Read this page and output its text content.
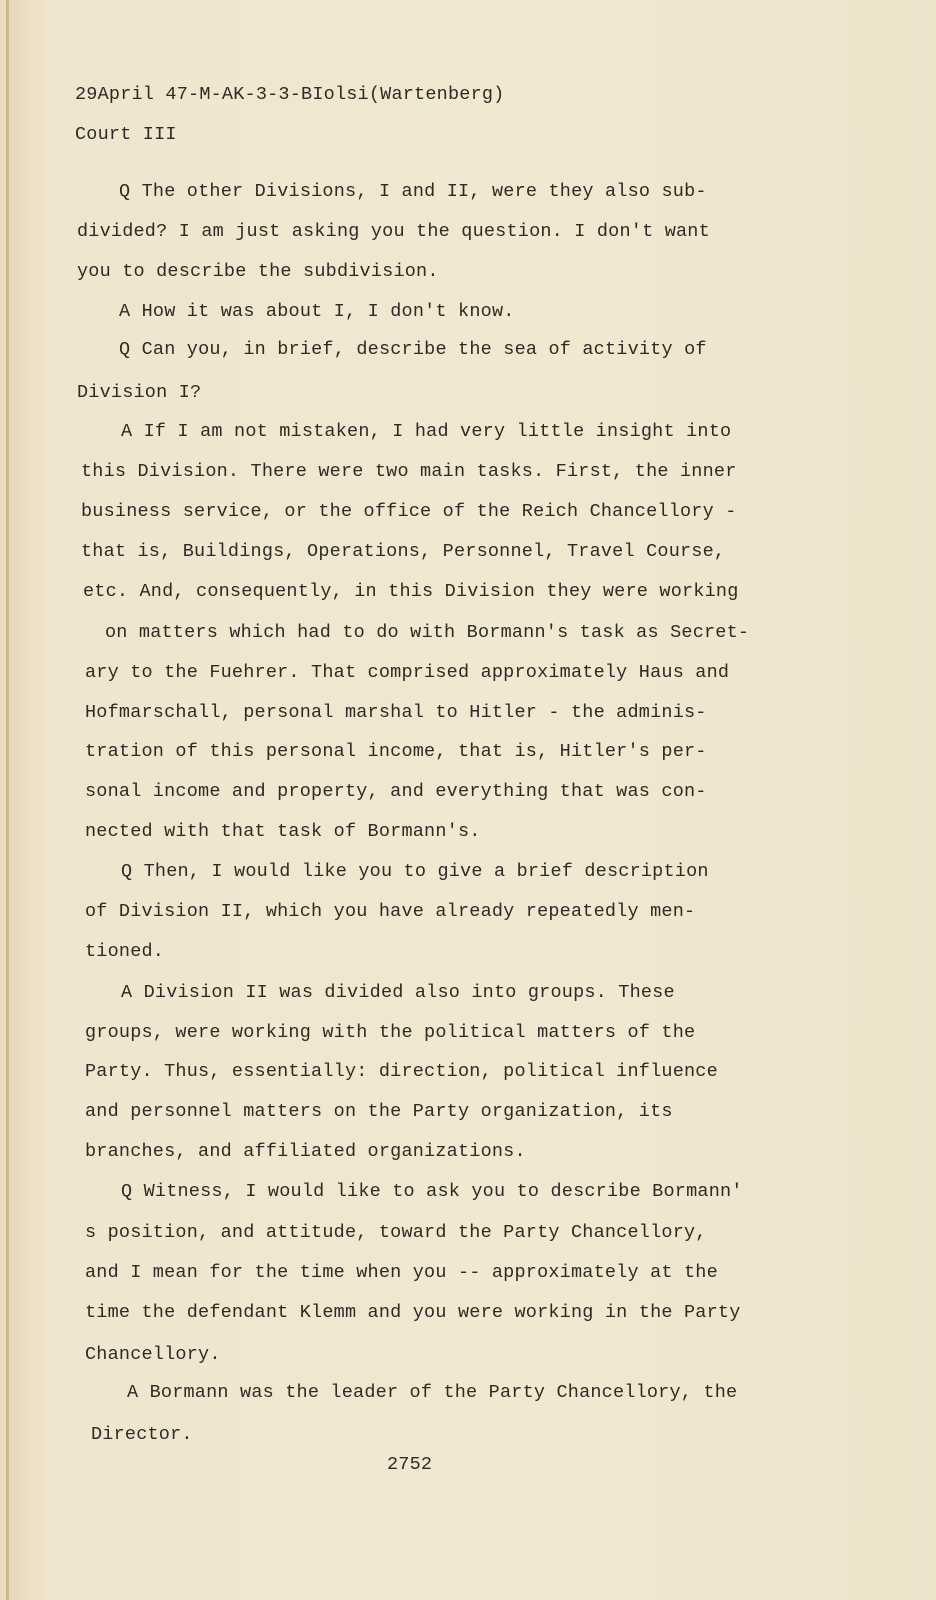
29April 47-M-AK-3-3-BIolsi(Wartenberg)
Court III
Q The other Divisions, I and II, were they also sub-
divided? I am just asking you the question. I don't want
you to describe the subdivision.
A How it was about I, I don't know.
Q Can you, in brief, describe the sea of activity of
Division I?
A If I am not mistaken, I had very little insight into
this Division. There were two main tasks. First, the inner
business service, or the office of the Reich Chancellory -
that is, Buildings, Operations, Personnel, Travel Course,
etc. And, consequently, in this Division they were working
on matters which had to do with Bormann's task as Secret-
ary to the Fuehrer. That comprised approximately Haus and
Hofmarschall, personal marshal to Hitler - the adminis-
tration of this personal income, that is, Hitler's per-
sonal income and property, and everything that was con-
nected with that task of Bormann's.
Q Then, I would like you to give a brief description
of Division II, which you have already repeatedly men-
tioned.
A Division II was divided also into groups. These
groups, were working with the political matters of the
Party. Thus, essentially: direction, political influence
and personnel matters on the Party organization, its
branches, and affiliated organizations.
Q Witness, I would like to ask you to describe Bormann'
s position, and attitude, toward the Party Chancellory,
and I mean for the time when you -- approximately at the
time the defendant Klemm and you were working in the Party
Chancellory.
A Bormann was the leader of the Party Chancellory, the
Director.
2752
